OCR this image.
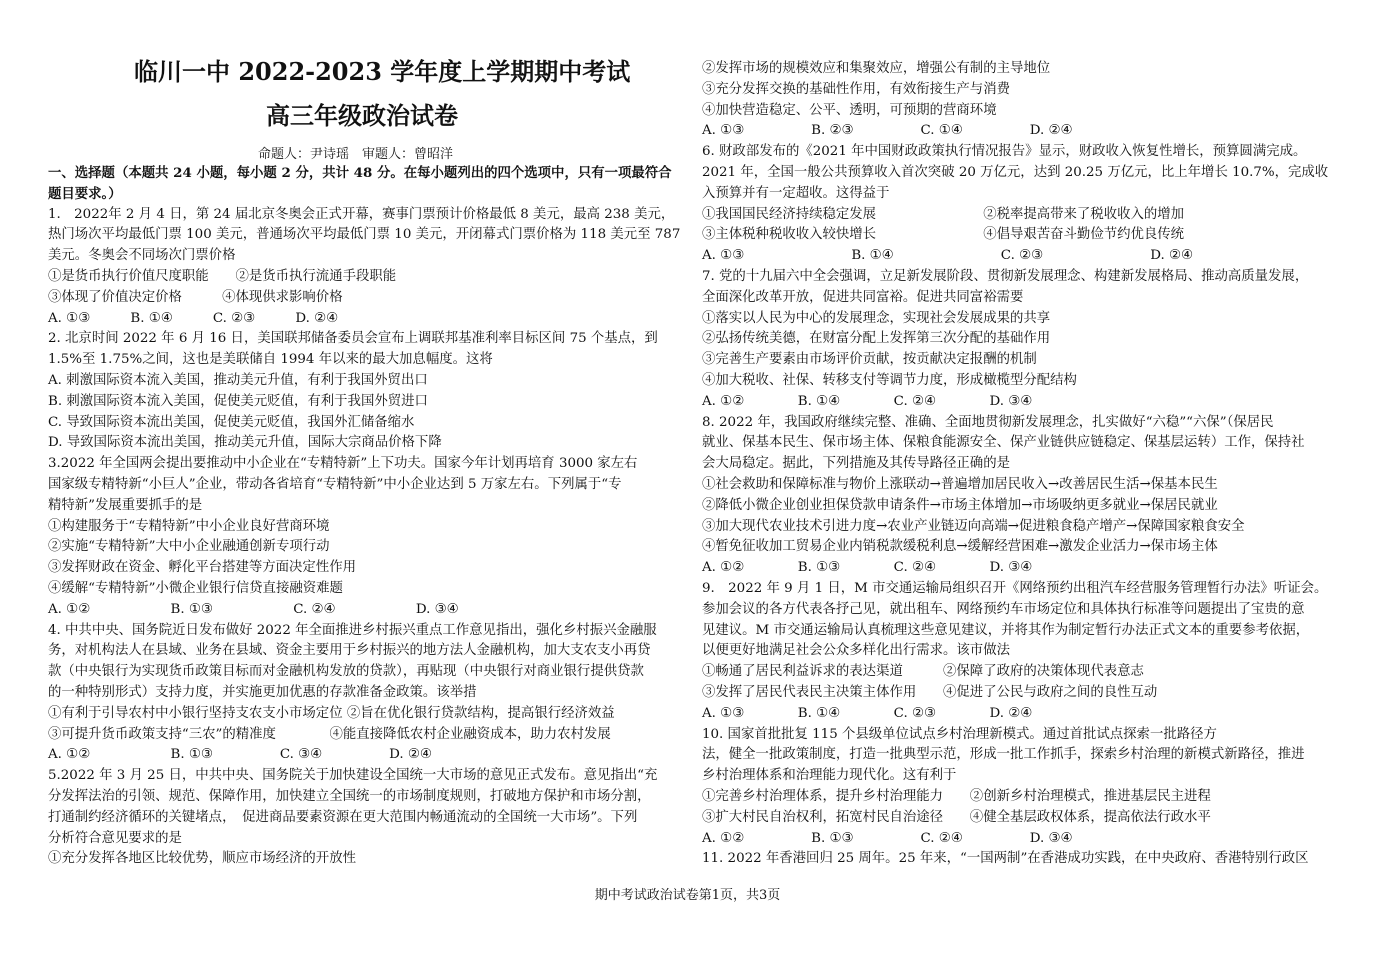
临川一中 2022-2023 学年度上学期期中考试
高三年级政治试卷
命题人：尹诗瑶　审题人：曾昭洋
一、选择题（本题共 24 小题，每小题 2 分，共计 48 分。在每小题列出的四个选项中，只有一项最符合
题目要求。）
1.　2022年 2 月 4 日，第 24 届北京冬奥会正式开幕，赛事门票预计价格最低 8 美元，最高 238 美元，
热门场次平均最低门票 100 美元，普通场次平均最低门票 10 美元，开闭幕式门票价格为 118 美元至 787
美元。冬奥会不同场次门票价格
①是货币执行价值尺度职能　　②是货币执行流通手段职能
③体现了价值决定价格　　　④体现供求影响价格
A. ①③　　　B. ①④　　　C. ②③　　　D. ②④
2. 北京时间 2022 年 6 月 16 日，美国联邦储备委员会宣布上调联邦基准利率目标区间 75 个基点，到
1.5%至 1.75%之间，这也是美联储自 1994 年以来的最大加息幅度。这将
A. 刺激国际资本流入美国，推动美元升值，有利于我国外贸出口
B. 刺激国际资本流入美国，促使美元贬值，有利于我国外贸进口
C. 导致国际资本流出美国，促使美元贬值，我国外汇储备缩水
D. 导致国际资本流出美国，推动美元升值，国际大宗商品价格下降
3.2022 年全国两会提出要推动中小企业在“专精特新”上下功夫。国家今年计划再培育 3000 家左右
国家级专精特新“小巨人”企业，带动各省培育“专精特新”中小企业达到 5 万家左右。下列属于“专
精特新”发展重要抓手的是
①构建服务于“专精特新”中小企业良好营商环境
②实施“专精特新”大中小企业融通创新专项行动
③发挥财政在资金、孵化平台搭建等方面决定性作用
④缓解“专精特新”小微企业银行信贷直接融资难题
A. ①②　　　　　　B. ①③　　　　　　C. ②④　　　　　　D. ③④
4. 中共中央、国务院近日发布做好 2022 年全面推进乡村振兴重点工作意见指出，强化乡村振兴金融服
务，对机构法人在县域、业务在县域、资金主要用于乡村振兴的地方法人金融机构，加大支农支小再贷
款（中央银行为实现货币政策目标而对金融机构发放的贷款），再贴现（中央银行对商业银行提供贷款
的一种特别形式）支持力度，并实施更加优惠的存款准备金政策。该举措
①有利于引导农村中小银行坚持支农支小市场定位 ②旨在优化银行贷款结构，提高银行经济效益
③可提升货币政策支持“三农”的精准度　　　　④能直接降低农村企业融资成本，助力农村发展
A. ①②　　　　　　B. ①③　　　　　C. ③④　　　　　D. ②④
5.2022 年 3 月 25 日，中共中央、国务院关于加快建设全国统一大市场的意见正式发布。意见指出“充
分发挥法治的引领、规范、保障作用，加快建立全国统一的市场制度规则，打破地方保护和市场分割，
打通制约经济循环的关键堵点，　促进商品要素资源在更大范围内畅通流动的全国统一大市场”。下列
分析符合意见要求的是
①充分发挥各地区比较优势，顺应市场经济的开放性
②发挥市场的规模效应和集聚效应，增强公有制的主导地位
③充分发挥交换的基础性作用，有效衔接生产与消费
④加快营造稳定、公平、透明，可预期的营商环境
A. ①③　　　　　B. ②③　　　　　C. ①④　　　　　D. ②④
6. 财政部发布的《2021 年中国财政政策执行情况报告》显示，财政收入恢复性增长，预算圆满完成。
2021 年，全国一般公共预算收入首次突破 20 万亿元，达到 20.25 万亿元，比上年增长 10.7%，完成收
入预算并有一定超收。这得益于
①我国国民经济持续稳定发展　　　　　　　　②税率提高带来了税收收入的增加
③主体税种税收收入较快增长　　　　　　　　④倡导艰苦奋斗勤俭节约优良传统
A. ①③　　　　　　　　B. ①④　　　　　　　　C. ②③　　　　　　　　D. ②④
7. 党的十九届六中全会强调，立足新发展阶段、贯彻新发展理念、构建新发展格局、推动高质量发展，
全面深化改革开放，促进共同富裕。促进共同富裕需要
①落实以人民为中心的发展理念，实现社会发展成果的共享
②弘扬传统美德，在财富分配上发挥第三次分配的基础作用
③完善生产要素由市场评价贡献，按贡献决定报酬的机制
④加大税收、社保、转移支付等调节力度，形成橄榄型分配结构
A. ①②　　　　B. ①④　　　　C. ②④　　　　D. ③④
8. 2022 年，我国政府继续完整、准确、全面地贯彻新发展理念，扎实做好“六稳”“六保”（保居民
就业、保基本民生、保市场主体、保粮食能源安全、保产业链供应链稳定、保基层运转）工作，保持社
会大局稳定。据此，下列措施及其传导路径正确的是
①社会救助和保障标准与物价上涨联动→普遍增加居民收入→改善居民生活→保基本民生
②降低小微企业创业担保贷款申请条件→市场主体增加→市场吸纳更多就业→保居民就业
③加大现代农业技术引进力度→农业产业链迈向高端→促进粮食稳产增产→保障国家粮食安全
④暂免征收加工贸易企业内销税款缓税利息→缓解经营困难→激发企业活力→保市场主体
A. ①②　　　　B. ①③　　　　C. ②④　　　　D. ③④
9.　2022 年 9 月 1 日，M 市交通运输局组织召开《网络预约出租汽车经营服务管理暂行办法》听证会。
参加会议的各方代表各抒己见，就出租车、网络预约车市场定位和具体执行标准等问题提出了宝贵的意
见建议。M 市交通运输局认真梳理这些意见建议，并将其作为制定暂行办法正式文本的重要参考依据，
以便更好地满足社会公众多样化出行需求。该市做法
①畅通了居民利益诉求的表达渠道　　　②保障了政府的决策体现代表意志
③发挥了居民代表民主决策主体作用　　④促进了公民与政府之间的良性互动
A. ①③　　　　B. ①④　　　　C. ②③　　　　D. ②④
10. 国家首批批复 115 个县级单位试点乡村治理新模式。通过首批试点探索一批路径方
法，健全一批政策制度，打造一批典型示范，形成一批工作抓手，探索乡村治理的新模式新路径，推进
乡村治理体系和治理能力现代化。这有利于
①完善乡村治理体系，提升乡村治理能力　　②创新乡村治理模式，推进基层民主进程
③扩大村民自治权利，拓宽村民自治途径　　④健全基层政权体系，提高依法行政水平
A. ①②　　　　　B. ①③　　　　　C. ②④　　　　　D. ③④
11. 2022 年香港回归 25 周年。25 年来，“一国两制”在香港成功实践，在中央政府、香港特别行政区
期中考试政治试卷第1页，共3页
